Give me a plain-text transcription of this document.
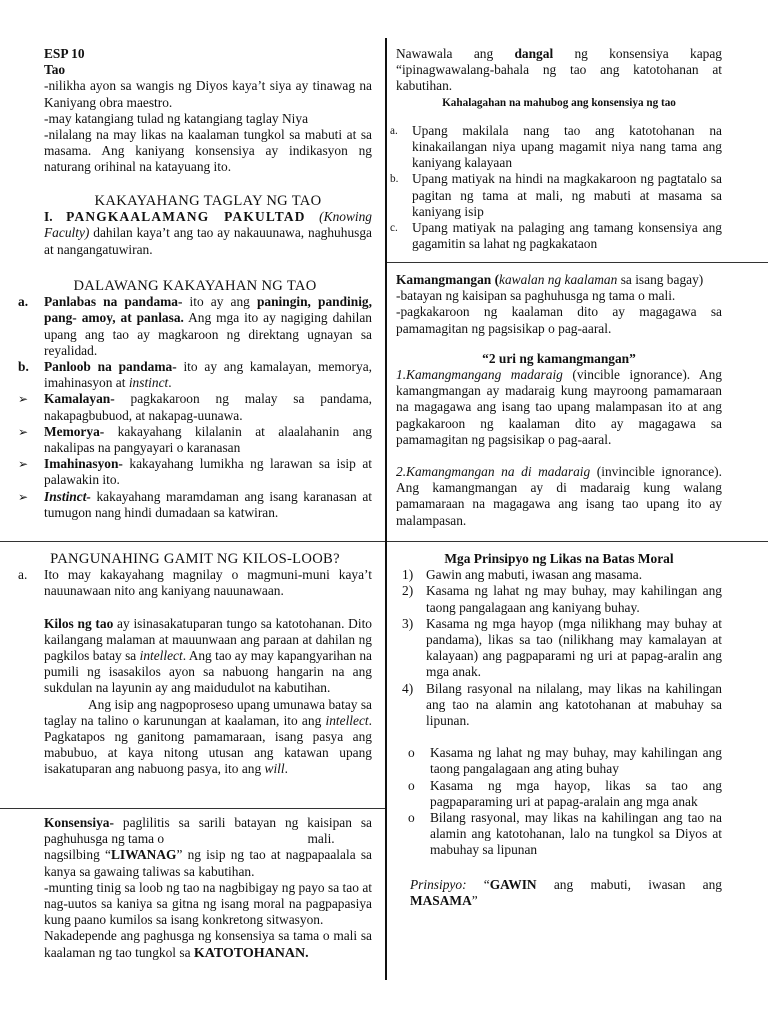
ESP 10

Tao

-nilikha ayon sa wangis ng Diyos kaya’t siya ay tinawag na Kaniyang obra maestro.

-may katangiang tulad ng katangiang taglay Niya

-nilalang na may likas na kaalaman tungkol sa mabuti at sa masama. Ang kaniyang konsensiya ay indikasyon ng naturang orihinal na katayuang ito.

KAKAYAHANG TAGLAY NG TAO

I. PANGKAALAMANG PAKULTAD (Knowing Faculty) dahilan kaya’t ang tao ay nakauunawa, naghuhusga at nangangatuwiran.

DALAWANG KAKAYAHAN NG TAO

a. Panlabas na pandama- ito ay ang paningin, pandinig, pang- amoy, at panlasa. Ang mga ito ay nagiging dahilan upang ang tao ay magkaroon ng direktang ugnayan sa reyalidad.
b. Panloob na pandama- ito ay ang kamalayan, memorya, imahinasyon at instinct.
➢ Kamalayan- pagkakaroon ng malay sa pandama, nakapagbubuod, at nakapag-uunawa.
➢ Memorya- kakayahang kilalanin at alaalahanin ang nakalipas na pangyayari o karanasan
➢ Imahinasyon- kakayahang lumikha ng larawan sa isip at palawakin ito.
➢ Instinct- kakayahang maramdaman ang isang karanasan at tumugon nang hindi dumadaan sa katwiran.

PANGUNAHING GAMIT NG KILOS-LOOB?

a. Ito may kakayahang magnilay o magmuni-muni kaya’t nauunawaan nito ang kaniyang nauunawaan.

Kilos ng tao ay isinasakatuparan tungo sa katotohanan. Dito kailangang malaman at mauunwaan ang paraan at dahilan ng pagkilos batay sa intellect. Ang tao ay may kapangyarihan na pumili ng isasakilos ayon sa nabuong hangarin na ang sukdulan na layunin ay ang maidudulot na kabutihan.

Ang isip ang nagpoproseso upang umunawa batay sa taglay na talino o karunungan at kaalaman, ito ang intellect. Pagkatapos ng ganitong pamamaraan, isang pasya ang mabubuo, at kaya nitong utusan ang katawan upang isakatuparan ang nabuong pasya, ito ang will.

Konsensiya- paglilitis sa sarili batayan ng kaisipan sa paghuhusga ng tama o	mali.

nagsilbing “LIWANAG” ng isip ng tao at nagpapaalala sa kanya sa gawaing taliwas sa kabutihan.

-munting tinig sa loob ng tao na nagbibigay ng payo sa tao at nag-uutos sa kaniya sa gitna ng isang moral na pagpapasiya kung paano kumilos sa isang konkretong sitwasyon.

Nakadepende ang paghusga ng konsensiya sa tama o mali sa kaalaman ng tao tungkol sa KATOTOHANAN.

Nawawala ang dangal ng konsensiya kapag “ipinagwawalang-bahala ng tao ang katotohanan at kabutihan.

Kahalagahan na mahubog ang konsensiya ng tao

a. Upang makilala nang tao ang katotohanan na kinakailangan niya upang magamit niya nang tama ang kaniyang kalayaan
b. Upang matiyak na hindi na magkakaroon ng pagtatalo sa pagitan ng tama at mali, ng mabuti at masama sa kaniyang isip
c. Upang matiyak na palaging ang tamang konsensiya ang gagamitin sa lahat ng pagkakataon

Kamangmangan (kawalan ng kaalaman sa isang bagay)

-batayan ng kaisipan sa paghuhusga ng tama o mali.

-pagkakaroon ng kaalaman dito ay magagawa sa pamamagitan ng pagsisikap o pag-aaral.

“2 uri ng kamangmangan”

1.Kamangmangang madaraig (vincible ignorance). Ang kamangmangan ay madaraig kung mayroong pamamaraan na magagawa ang isang tao upang malampasan ito at ang pagkakaroon ng kaalaman dito ay magagawa sa pamamagitan ng pagsisikap o pag-aaral.

2.Kamangmangan na di madaraig (invincible ignorance). Ang kamangmangan ay di madaraig kung walang pamamaraan na magagawa ang isang tao upang ito ay malampasan.

Mga Prinsipyo ng Likas na Batas Moral

1) Gawin ang mabuti, iwasan ang masama.
2) Kasama ng lahat ng may buhay, may kahilingan ang taong pangalagaan ang kaniyang buhay.
3) Kasama ng mga hayop (mga nilikhang may buhay at pandama), likas sa tao (nilikhang may kamalayan at kalayaan) ang pagpaparami ng uri at papag-aralin ang mga anak.
4) Bilang rasyonal na nilalang, may likas na kahilingan ang tao na alamin ang katotohanan at mabuhay sa lipunan.
o Kasama ng lahat ng may buhay, may kahilingan ang taong pangalagaan ang ating buhay
o Kasama ng mga hayop, likas sa tao ang pagpaparaming uri at papag-aralain ang mga anak
o Bilang rasyonal, may likas na kahilingan ang tao na alamin ang katotohanan, lalo na tungkol sa Diyos at mabuhay sa lipunan

Prinsipyo: “GAWIN ang mabuti, iwasan ang MASAMA”
